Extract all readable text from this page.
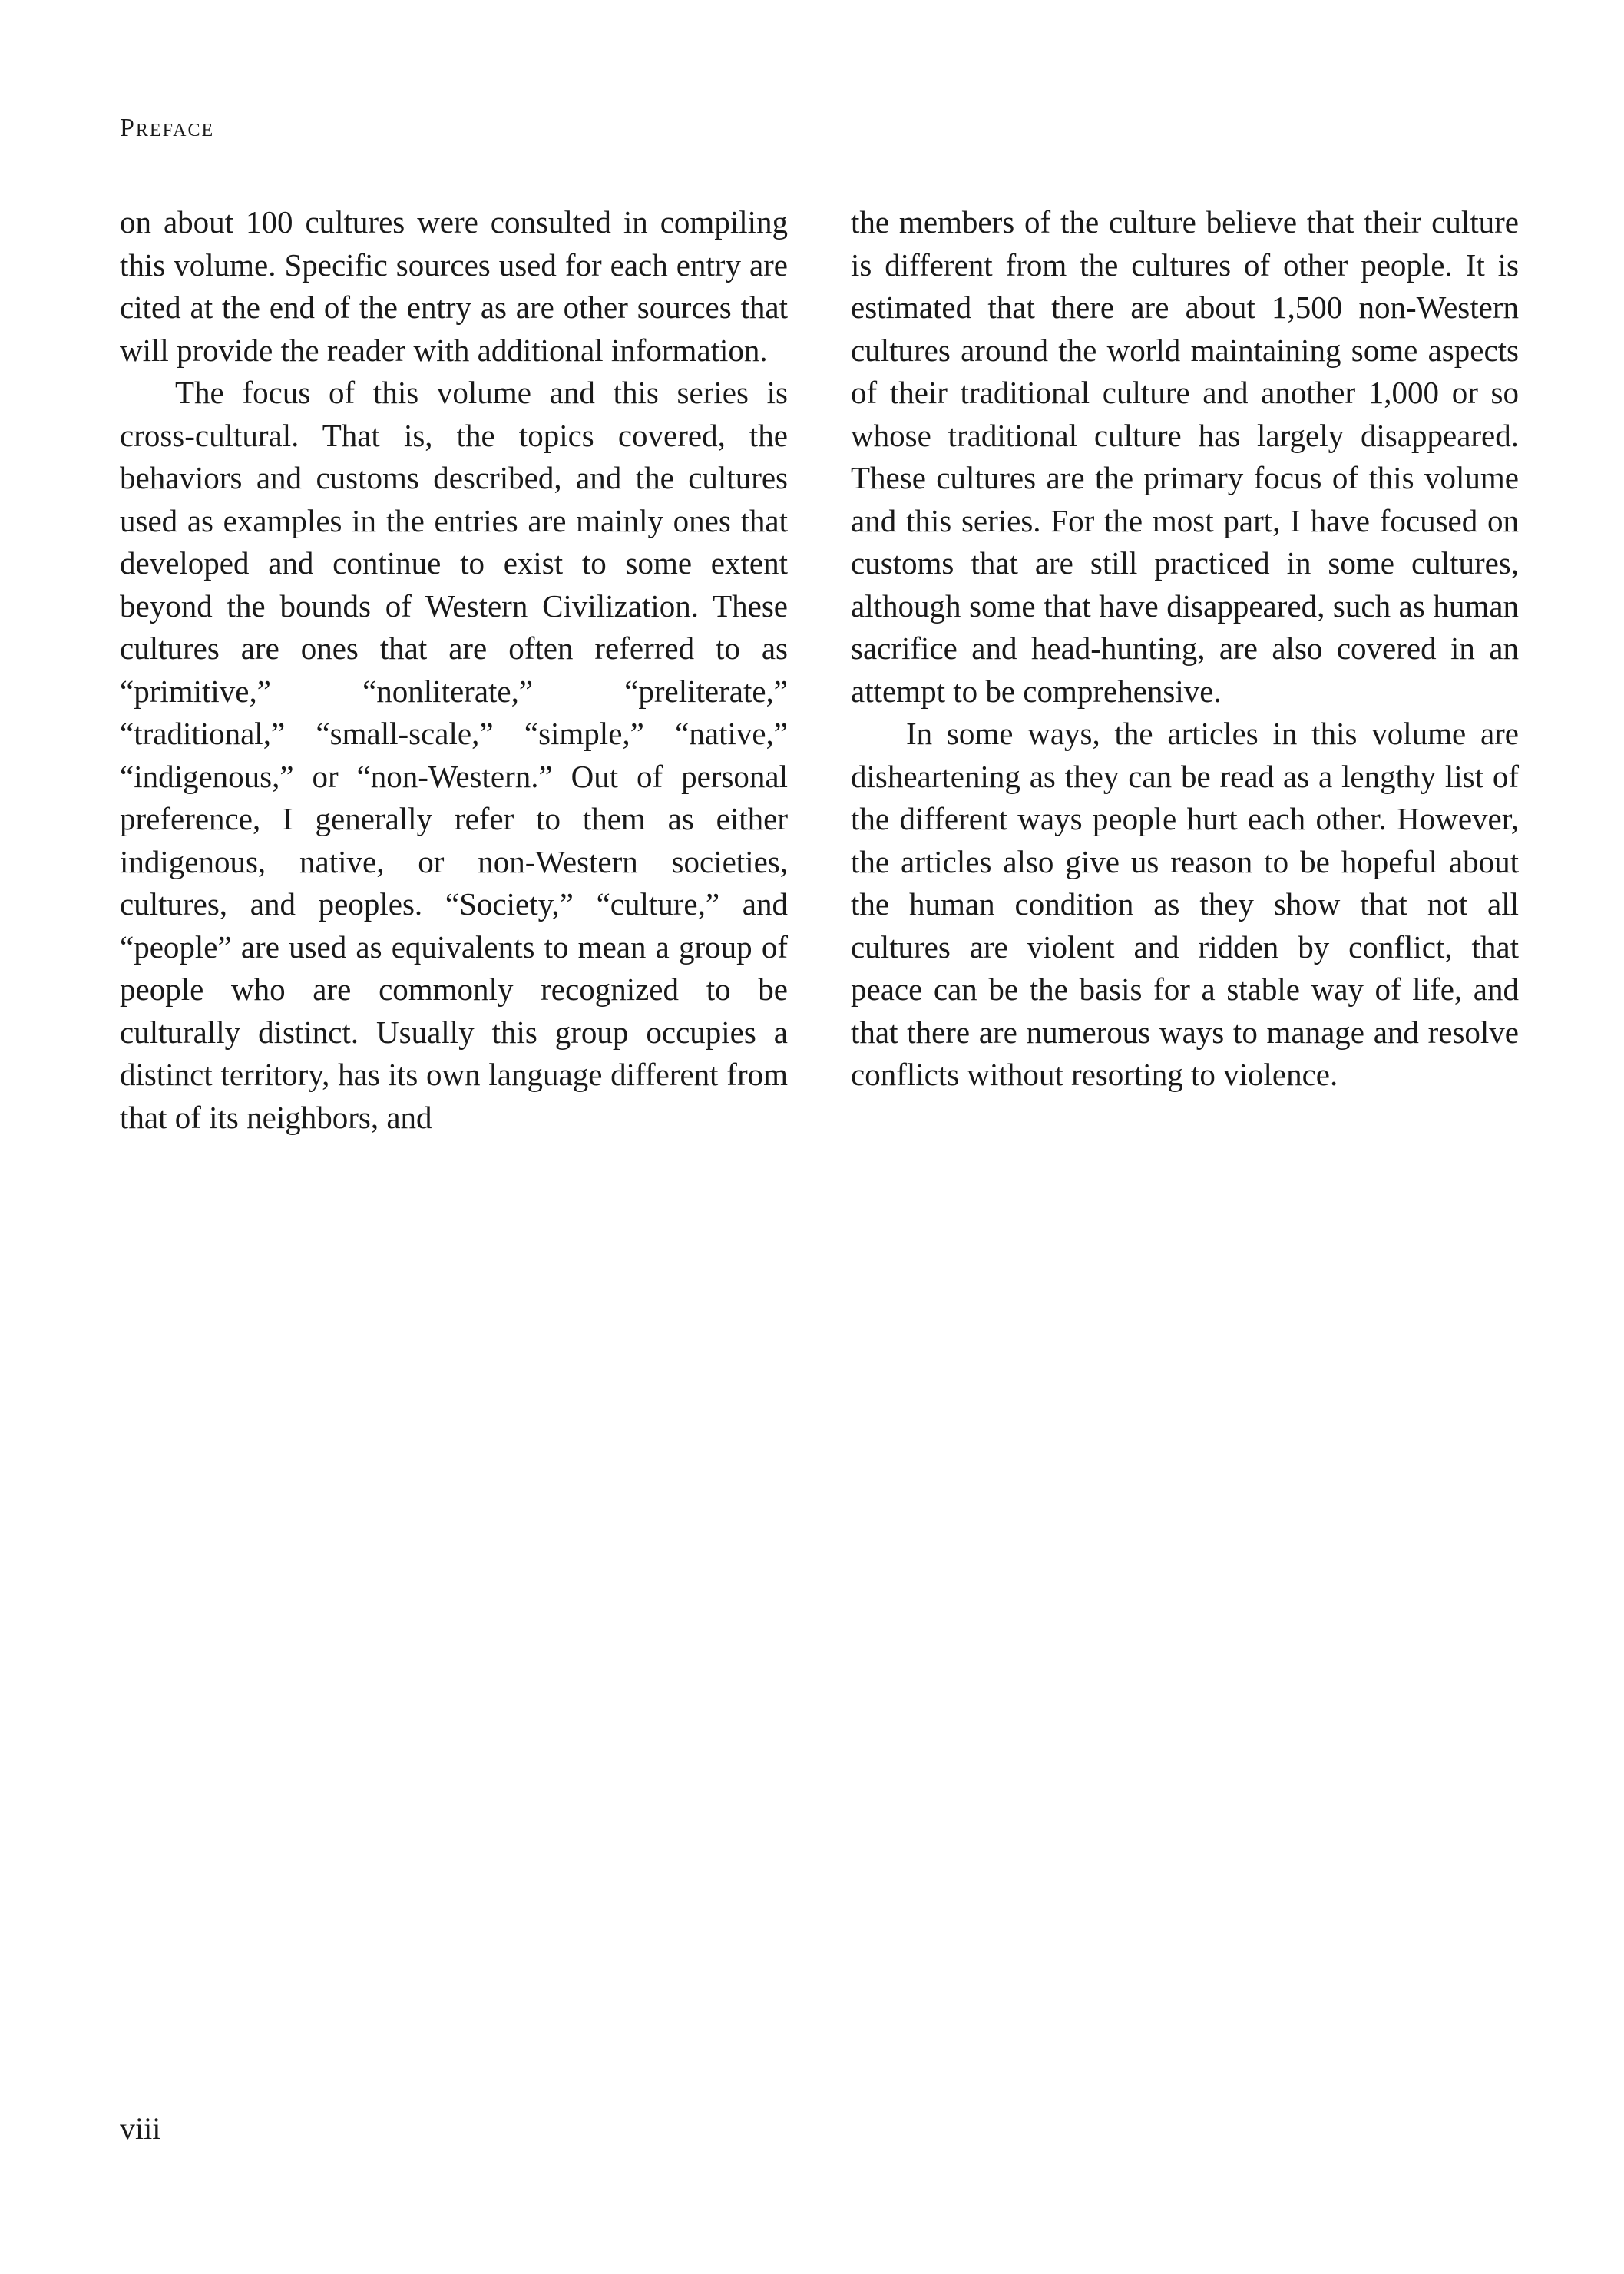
Preface

on about 100 cultures were consulted in compiling this volume. Specific sources used for each entry are cited at the end of the entry as are other sources that will provide the reader with additional information.

The focus of this volume and this series is cross-cultural. That is, the topics covered, the behaviors and customs described, and the cultures used as examples in the entries are mainly ones that developed and continue to exist to some extent beyond the bounds of Western Civilization. These cultures are ones that are often referred to as “primitive,” “nonliterate,” “preliterate,” “traditional,” “small-scale,” “simple,” “native,” “indigenous,” or “non-Western.” Out of personal preference, I generally refer to them as either indigenous, native, or non-Western societies, cultures, and peoples. “Society,” “culture,” and “people” are used as equivalents to mean a group of people who are commonly recognized to be culturally distinct. Usually this group occupies a distinct territory, has its own language different from that of its neighbors, and

the members of the culture believe that their culture is different from the cultures of other people. It is estimated that there are about 1,500 non-Western cultures around the world maintaining some aspects of their traditional culture and another 1,000 or so whose traditional culture has largely disappeared. These cultures are the primary focus of this volume and this series. For the most part, I have focused on customs that are still practiced in some cultures, although some that have disappeared, such as human sacrifice and head-hunting, are also covered in an attempt to be comprehensive.

In some ways, the articles in this volume are disheartening as they can be read as a lengthy list of the different ways people hurt each other. However, the articles also give us reason to be hopeful about the human condition as they show that not all cultures are violent and ridden by conflict, that peace can be the basis for a stable way of life, and that there are numerous ways to manage and resolve conflicts without resorting to violence.

viii
